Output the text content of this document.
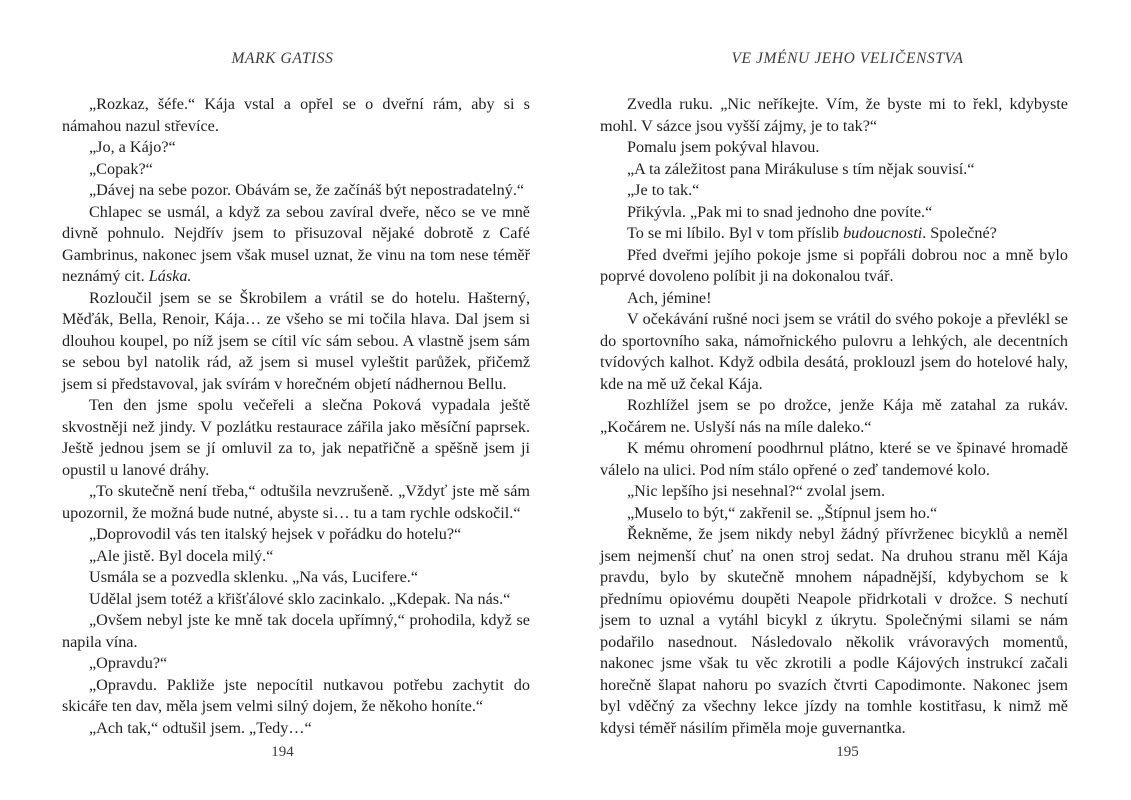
MARK GATISS

„Rozkaz, šéfe.“ Kája vstal a opřel se o dveřní rám, aby si s námahou nazul střevíce.

„Jo, a Kájo?“

„Copak?“

„Dávej na sebe pozor. Obávám se, že začínáš být nepostradatelný.“

Chlapec se usmál, a když za sebou zavíral dveře, něco se ve mně divně pohnulo. Nejdřív jsem to přisuzoval nějaké dobrotě z Café Gambrinus, nakonec jsem však musel uznat, že vinu na tom nese téměř neznámý cit. Láska.

Rozloučil jsem se se Škrobilem a vrátil se do hotelu. Hašterný, Měďák, Bella, Renoir, Kája… ze všeho se mi točila hlava. Dal jsem si dlouhou koupel, po níž jsem se cítil víc sám sebou. A vlastně jsem sám se sebou byl natolik rád, až jsem si musel vyleštit parůžek, přičemž jsem si představoval, jak svírám v horečném objetí nádhernou Bellu.

Ten den jsme spolu večeřeli a slečna Poková vypadala ještě skvostněji než jindy. V pozlátku restaurace zářila jako měsíční paprsek. Ještě jednou jsem se jí omluvil za to, jak nepatřičně a spěšně jsem ji opustil u lanové dráhy.

„To skutečně není třeba,“ odtušila nevzrušeně. „Vždyť jste mě sám upozornil, že možná bude nutné, abyste si… tu a tam rychle odskočil.“

„Doprovodil vás ten italský hejsek v pořádku do hotelu?“

„Ale jistě. Byl docela milý.“

Usmála se a pozvedla sklenku. „Na vás, Lucifere.“

Udělal jsem totéž a křišťálové sklo zacinkalo. „Kdepak. Na nás.“

„Ovšem nebyl jste ke mně tak docela upřímný,“ prohodila, když se napila vína.

„Opravdu?“

„Opravdu. Pakliže jste nepocítil nutkavou potřebu zachytit do skicáře ten dav, měla jsem velmi silný dojem, že někoho honíte.“

„Ach tak,“ odtušil jsem. „Tedy…“

194
VE JMÉNU JEHO VELIČENSTVA

Zvedla ruku. „Nic neříkejte. Vím, že byste mi to řekl, kdybyste mohl. V sázce jsou vyšší zájmy, je to tak?“

Pomalu jsem pokýval hlavou.

„A ta záležitost pana Mirákuluse s tím nějak souvisí.“

„Je to tak.“

Přikývla. „Pak mi to snad jednoho dne povíte.“

To se mi líbilo. Byl v tom příslib budoucnosti. Společné?

Před dveřmi jejího pokoje jsme si popřáli dobrou noc a mně bylo poprvé dovoleno políbit ji na dokonalou tvář.

Ach, jémine!

V očekávání rušné noci jsem se vrátil do svého pokoje a převlékl se do sportovního saka, námořnického pulovru a lehkých, ale decentních tvídových kalhot. Když odbila desátá, proklouzl jsem do hotelové haly, kde na mě už čekal Kája.

Rozhlížel jsem se po drožce, jenže Kája mě zatahal za rukáv. „Kočárem ne. Uslyší nás na míle daleko.“

K mému ohromení poodhrnul plátno, které se ve špinavé hromadě válelo na ulici. Pod ním stálo opřené o zeď tandemové kolo.

„Nic lepšího jsi nesehnal?“ zvolal jsem.

„Muselo to být,“ zakřenil se. „Štípnul jsem ho.“

Řekněme, že jsem nikdy nebyl žádný přívrženec bicyklů a neměl jsem nejmenší chuť na onen stroj sedat. Na druhou stranu měl Kája pravdu, bylo by skutečně mnohem nápadnější, kdybychom se k přednímu opiovému doupěti Neapole přidrkotali v drožce. S nechutí jsem to uznal a vytáhl bicykl z úkrytu. Společnými silami se nám podařilo nasednout. Následovalo několik vrávoravých momentů, nakonec jsme však tu věc zkrotili a podle Kájových instrukcí začali horečně šlapat nahoru po svazích čtvrti Capodimonte. Nakonec jsem byl vděčný za všechny lekce jízdy na tomhle kostitřasu, k nimž mě kdysi téměř násilím přiměla moje guvernantka.

195
